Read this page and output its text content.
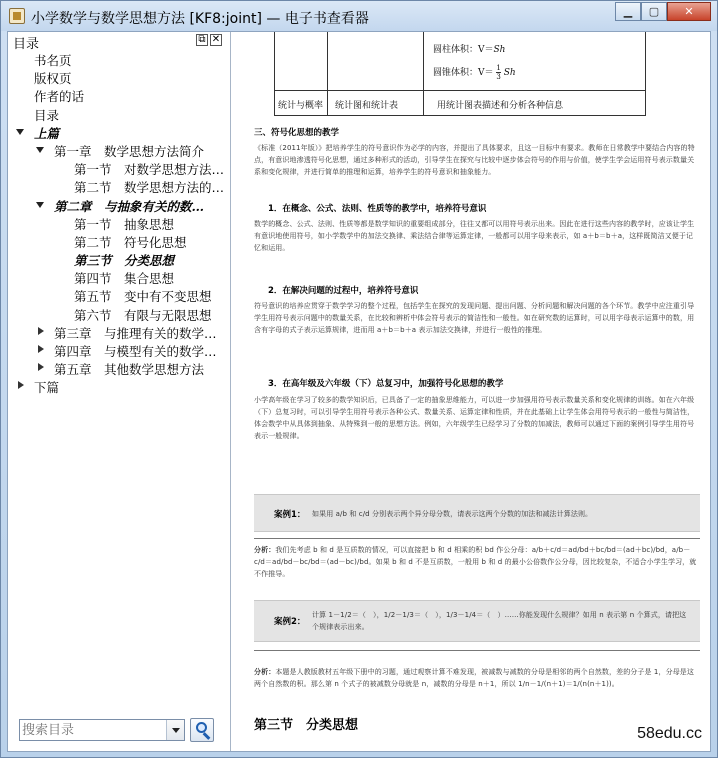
小学数学与数学思想方法 [KF8:joint] — 电子书查看器	▁	▢	✕
目录	⧉ ✕
书名页
版权页
作者的话
目录
上篇
第一章　数学思想方法简介
第一节　对数学思想方法…
第二节　数学思想方法的…
第二章　与抽象有关的数…
第一节　抽象思想
第二节　符号化思想
第三节　分类思想
第四节　集合思想
第五节　变中有不变思想
第六节　有限与无限思想
第三章　与推理有关的数学…
第四章　与模型有关的数学…
第五章　其他数学思想方法
下篇
搜索目录
圆柱体积：V＝Sh
圆锥体积：$V= \frac{1}{3}$ Sh
统计与概率 统计图和统计表	用统计图表描述和分析各种信息
三、符号化思想的教学
《标准（2011年版）》把培养学生的符号意识作为必学的内容，并提出了具体要求，且这一目标中有要求。教师在日常教学中要结合内容的特点，有意识地渗透符号化思想，通过多种形式的活动，引导学生在探究与比较中逐步体会符号的作用与价值，使学生学会运用符号表示数量关系和变化规律，并进行简单的推理和运算，培养学生的符号意识和抽象能力。
1．在概念、公式、法则、性质等的教学中，培养符号意识
数学的概念、公式、法则、性质等都是数学知识的重要组成部分，往往又都可以用符号表示出来。因此在进行这些内容的教学时，应该让学生有意识地使用符号，如小学数学中的加法交换律、乘法结合律等运算定律，一般都可以用字母来表示，如 a＋b＝b＋a，这样既简洁又便于记忆和运用。
2．在解决问题的过程中，培养符号意识
符号意识的培养应贯穿于数学学习的整个过程，包括学生在探究的发现问题、提出问题、分析问题和解决问题的各个环节。教学中应注重引导学生用符号表示问题中的数量关系，在比较和辨析中体会符号表示的简洁性和一般性。如在研究数的运算时，可以用字母表示运算中的数，用含有字母的式子表示运算规律，进而用 a＋b＝b＋a 表示加法交换律，并进行一般性的推理。
3．在高年级及六年级（下）总复习中，加强符号化思想的教学
小学高年级在学习了较多的数学知识后，已具备了一定的抽象思维能力，可以进一步加强用符号表示数量关系和变化规律的训练。如在六年级（下）总复习时，可以引导学生用符号表示各种公式、数量关系、运算定律和性质，并在此基础上让学生体会用符号表示的一般性与简洁性，体会数学中从具体到抽象、从特殊到一般的思想方法。例如，六年级学生已经学习了分数的加减法，教师可以通过下面的案例引导学生用符号表示一般规律。
案例1： 如果用 a/b 和 c/d 分别表示两个异分母分数，请表示这两个分数的加法和减法计算法则。
分析：我们先考虑 b 和 d 是互质数的情况，可以直接把 b 和 d 相乘的积 bd 作公分母：a/b＋c/d＝ad/bd＋bc/bd＝(ad＋bc)/bd，a/b－c/d＝ad/bd－bc/bd＝(ad－bc)/bd。如果 b 和 d 不是互质数，一般用 b 和 d 的最小公倍数作公分母，因比较复杂，不适合小学生学习，就不作推导。
案例2：
计算 1－1/2＝（　），1/2－1/3＝（　），1/3－1/4＝（　）……你能发现什么规律？如用 n 表示第 n 个算式，请把这个规律表示出来。
分析：本题是人教版教材五年级下册中的习题，通过观察计算不难发现，被减数与减数的分母是相邻的两个自然数，差的分子是 1，分母是这两个自然数的积。那么第 n 个式子的被减数分母就是 n，减数的分母是 n＋1，所以 1/n－1/(n＋1)＝1/(n(n＋1))。
第三节　分类思想	58edu.cc
